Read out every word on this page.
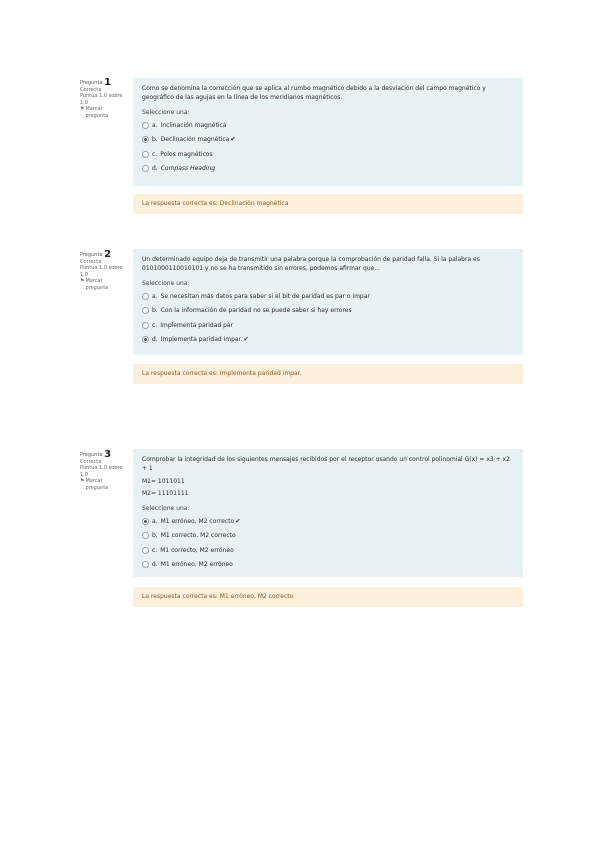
Pregunta 1
Correcta
Puntúa 1,0 sobre 1,0
⚑ Marcar pregunta
Como se denomina la corrección que se aplica al rumbo magnético debido a la desviación del campo magnético y geográfico de las agujas en la línea de los meridianos magnéticos.
Seleccione una:
a. Inclinación magnética
b. Declinación magnética ✔
c. Polos magnéticos
d. Compass Heading
La respuesta correcta es: Declinación magnética
Pregunta 2
Correcta
Puntúa 1,0 sobre 1,0
⚑ Marcar pregunta
Un determinado equipo deja de transmitir una palabra porque la comprobación de paridad falla. Si la palabra es 0101000110010101 y no se ha transmitido sin errores, podemos afirmar que...
Seleccione una:
a. Se necesitan más datos para saber si el bit de paridad es par o impar
b. Con la información de paridad no se puede saber si hay errores
c. Implementa paridad par
d. Implementa paridad impar. ✔
La respuesta correcta es: Implementa paridad impar.
Pregunta 3
Correcta
Puntúa 1,0 sobre 1,0
⚑ Marcar pregunta
Comprobar la integridad de los siguientes mensajes recibidos por el receptor usando un control polinomial G(x) = x3 + x2 + 1
M1= 1011011
M2= 11101111
Seleccione una:
a. M1 erróneo, M2 correcto ✔
b. M1 correcto, M2 correcto
c. M1 correcto, M2 erróneo
d. M1 erróneo, M2 erróneo
La respuesta correcta es: M1 erróneo, M2 correcto
